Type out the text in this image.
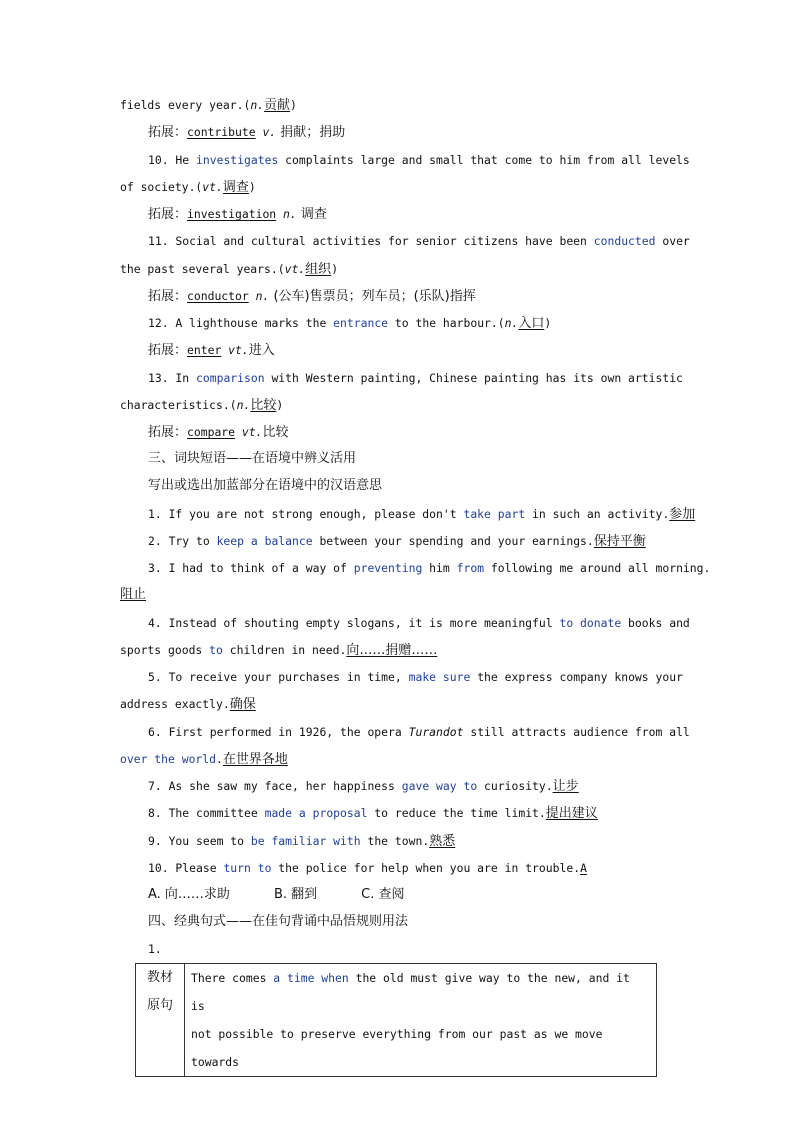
fields every year.(n.贡献)
拓展：contribute v. 捐献；捐助
10. He investigates complaints large and small that come to him from all levels
of society.(vt.调查)
拓展：investigation n. 调查
11. Social and cultural activities for senior citizens have been conducted over
the past several years.(vt.组织)
拓展：conductor n. (公车)售票员；列车员；(乐队)指挥
12. A lighthouse marks the entrance to the harbour.(n.入口)
拓展：enter vt.进入
13. In comparison with Western painting, Chinese painting has its own artistic
characteristics.(n.比较)
拓展：compare vt.比较
三、词块短语——在语境中辨义活用
写出或选出加蓝部分在语境中的汉语意思
1. If you are not strong enough, please don't take part in such an activity.参加
2. Try to keep a balance between your spending and your earnings.保持平衡
3. I had to think of a way of preventing him from following me around all morning.
阻止
4. Instead of shouting empty slogans, it is more meaningful to donate books and
sports goods to children in need.向……捐赠……
5. To receive your purchases in time, make sure the express company knows your
address exactly.确保
6. First performed in 1926, the opera Turandot still attracts audience from all
over the world.在世界各地
7. As she saw my face, her happiness gave way to curiosity.让步
8. The committee made a proposal to reduce the time limit.提出建议
9. You seem to be familiar with the town.熟悉
10. Please turn to the police for help when you are in trouble.A
A. 向……求助	B. 翻到	C. 查阅
四、经典句式——在佳句背诵中品悟规则用法
1.
教材
原句	There comes a time when the old must give way to the new, and it is
not possible to preserve everything from our past as we move towards
